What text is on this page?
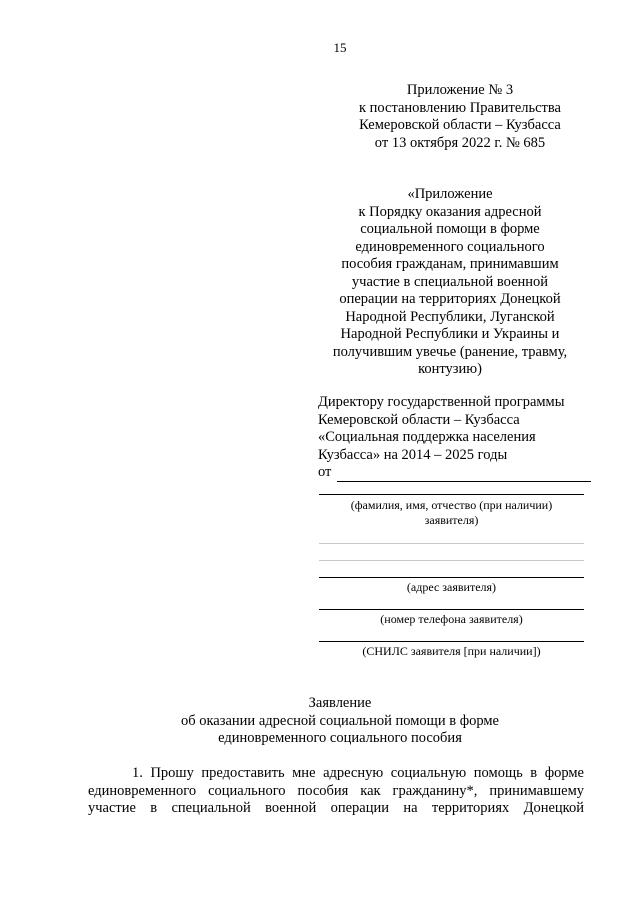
15
Приложение № 3
к постановлению Правительства
Кемеровской области – Кузбасса
от 13 октября 2022 г. № 685
«Приложение
к Порядку оказания адресной
социальной помощи в форме
единовременного социального
пособия гражданам, принимавшим
участие в специальной военной
операции на территориях Донецкой
Народной Республики, Луганской
Народной Республики и Украины и
получившим увечье (ранение, травму,
контузию)
Директору государственной программы
Кемеровской области – Кузбасса
«Социальная поддержка населения
Кузбасса» на 2014 – 2025 годы
от
(фамилия, имя, отчество (при наличии)
заявителя)
(адрес заявителя)
(номер телефона заявителя)
(СНИЛС заявителя [при наличии])
Заявление
об оказании адресной социальной помощи в форме
единовременного социального пособия
1. Прошу предоставить мне адресную социальную помощь в форме
единовременного социального пособия как гражданину*, принимавшему
участие в специальной военной операции на территориях Донецкой
